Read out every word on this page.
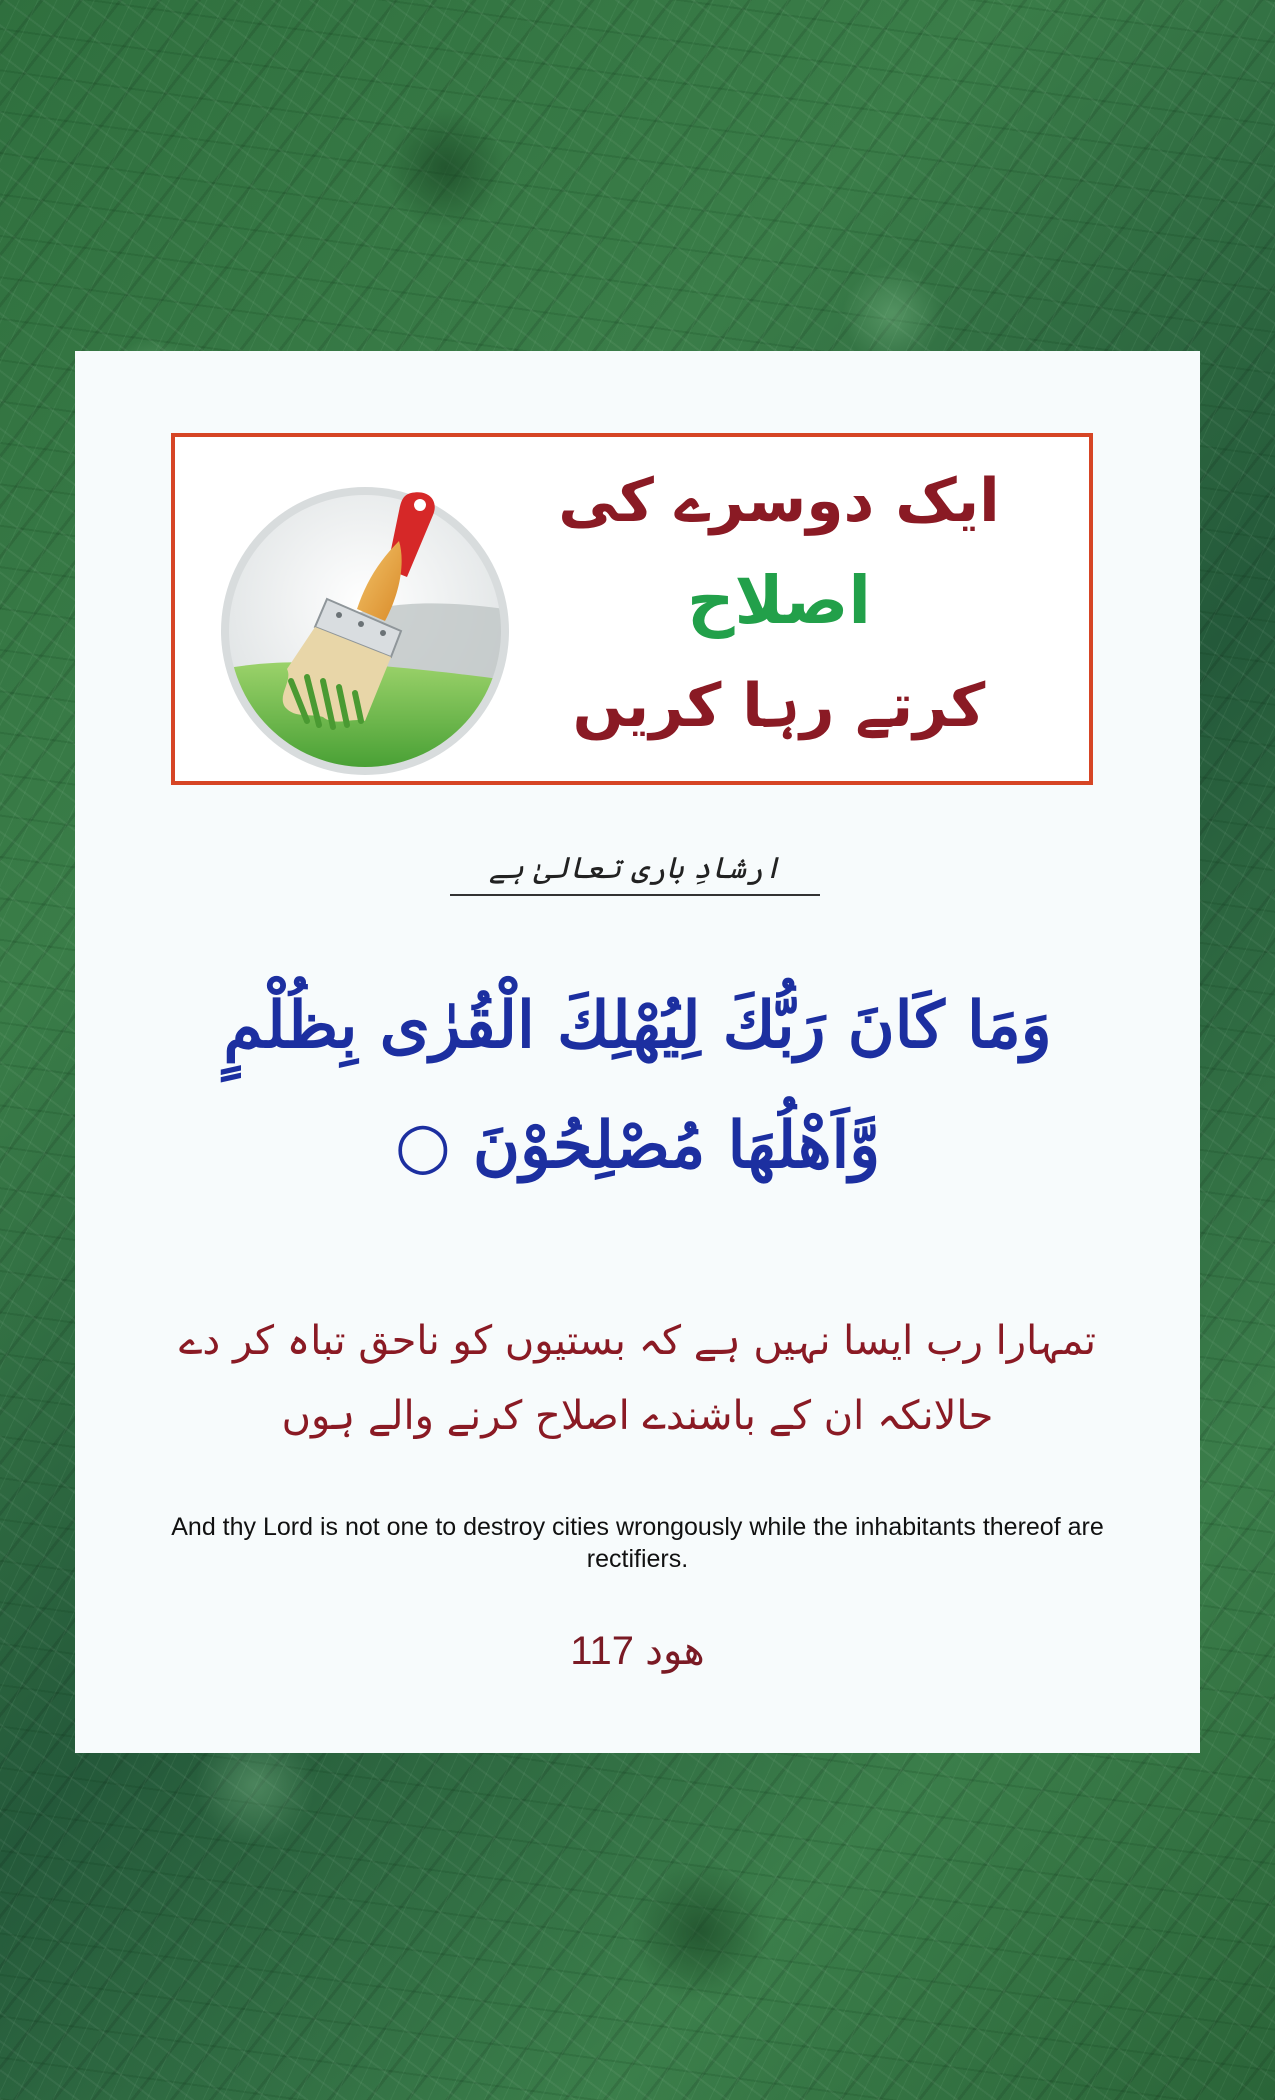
ایک دوسرے کی
اصلاح
کرتے رہا کریں
ارشادِ باری تعالیٰ ہے
وَمَا كَانَ رَبُّكَ لِيُهْلِكَ الْقُرٰى بِظُلْمٍ
وَّاَهْلُهَا مُصْلِحُوْنَ ○
تمہارا رب ایسا نہیں ہے کہ بستیوں کو ناحق تباہ کر دے
حالانکہ ان کے باشندے اصلاح کرنے والے ہوں
And thy Lord is not one to destroy cities wrongously while the inhabitants thereof are rectifiers.
ھود 117
